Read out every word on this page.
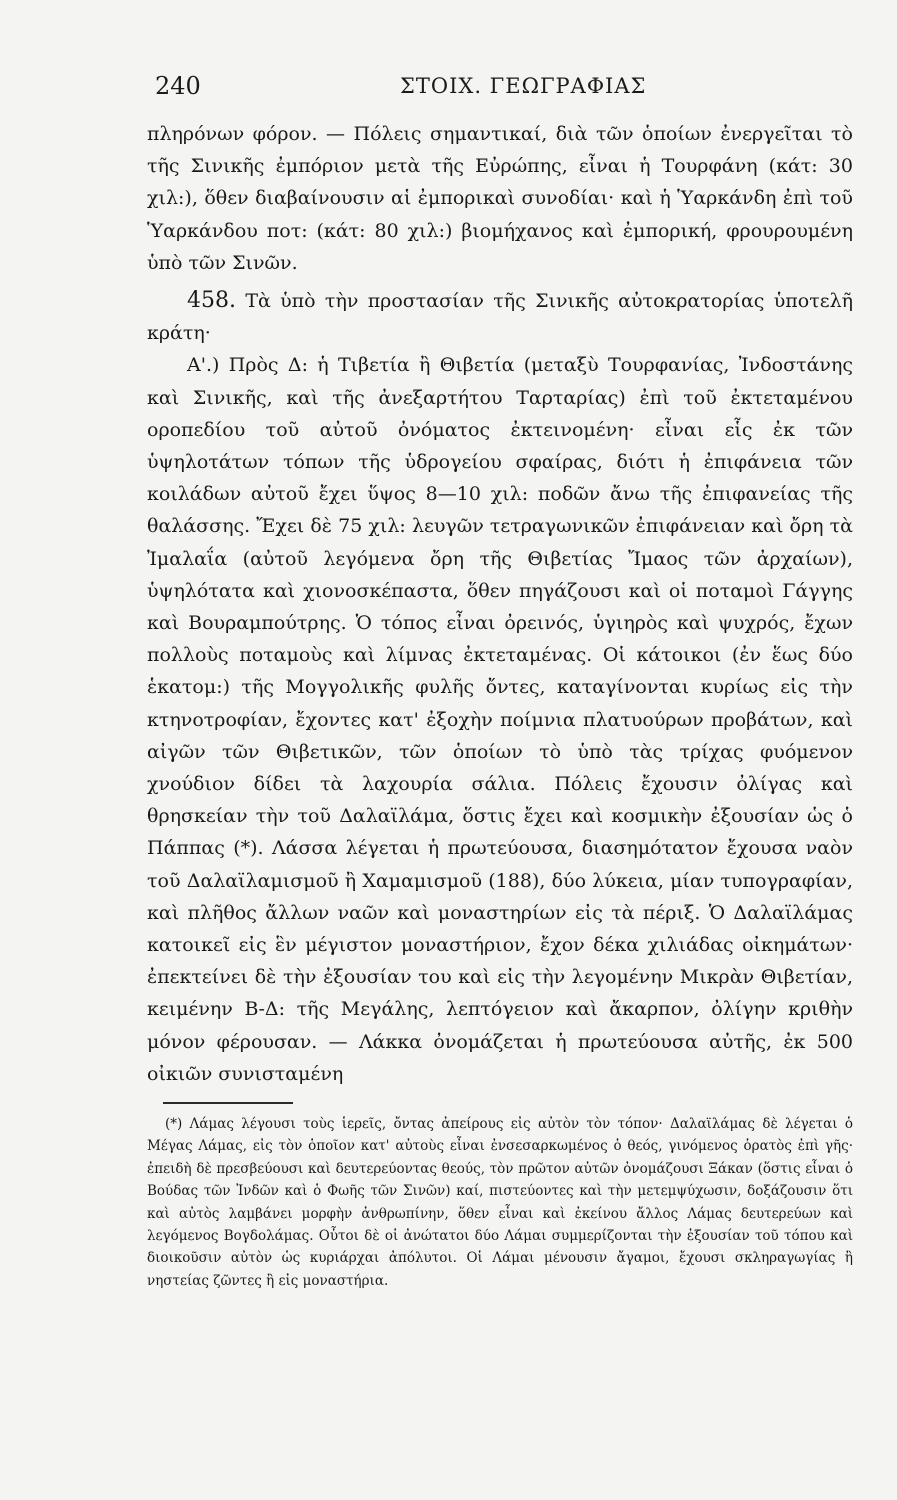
240	ΣΤΟΙΧ. ΓΕΩΓΡΑΦΙΑΣ

πληρόνων φόρον. — Πόλεις σημαντικαί, διὰ τῶν ὁποίων ἐνεργεῖται τὸ τῆς Σινικῆς ἐμπόριον μετὰ τῆς Εὐρώπης, εἶναι ἡ Τουρφάνη (κάτ: 30 χιλ:), ὅθεν διαβαίνουσιν αἱ ἐμπορικαὶ συνοδίαι· καὶ ἡ Ὑαρκάνδη ἐπὶ τοῦ Ὑαρκάνδου ποτ: (κάτ: 80 χιλ:) βιομήχανος καὶ ἐμπορική, φρουρουμένη ὑπὸ τῶν Σινῶν.

458. Τὰ ὑπὸ τὴν προστασίαν τῆς Σινικῆς αὐτοκρατορίας ὑποτελῆ κράτη·

Α'.) Πρὸς Δ: ἡ Τιβετία ἢ Θιβετία (μεταξὺ Τουρφανίας, Ἰνδοστάνης καὶ Σινικῆς, καὶ τῆς ἀνεξαρτήτου Ταρταρίας) ἐπὶ τοῦ ἐκτεταμένου οροπεδίου τοῦ αὐτοῦ ὀνόματος ἐκτεινομένη· εἶναι εἷς ἐκ τῶν ὑψηλοτάτων τόπων τῆς ὑδρογείου σφαίρας, διότι ἡ ἐπιφάνεια τῶν κοιλάδων αὐτοῦ ἔχει ὕψος 8—10 χιλ: ποδῶν ἄνω τῆς ἐπιφανείας τῆς θαλάσσης. Ἔχει δὲ 75 χιλ: λευγῶν τετραγωνικῶν ἐπιφάνειαν καὶ ὄρη τὰ Ἰμαλαΐα (αὐτοῦ λεγόμενα ὄρη τῆς Θιβετίας Ἴμαος τῶν ἀρχαίων), ὑψηλότατα καὶ χιονοσκέπαστα, ὅθεν πηγάζουσι καὶ οἱ ποταμοὶ Γάγγης καὶ Βουραμπούτρης. Ὁ τόπος εἶναι ὀρεινός, ὑγιηρὸς καὶ ψυχρός, ἔχων πολλοὺς ποταμοὺς καὶ λίμνας ἐκτεταμένας. Οἱ κάτοικοι (ἐν ἕως δύο ἑκατομ:) τῆς Μογγολικῆς φυλῆς ὄντες, καταγίνονται κυρίως εἰς τὴν κτηνοτροφίαν, ἔχοντες κατ' ἐξοχὴν ποίμνια πλατυούρων προβάτων, καὶ αἰγῶν τῶν Θιβετικῶν, τῶν ὁποίων τὸ ὑπὸ τὰς τρίχας φυόμενον χνούδιον δίδει τὰ λαχουρία σάλια. Πόλεις ἔχουσιν ὀλίγας καὶ θρησκείαν τὴν τοῦ Δαλαϊλάμα, ὅστις ἔχει καὶ κοσμικὴν ἐξουσίαν ὡς ὁ Πάππας (*). Λάσσα λέγεται ἡ πρωτεύουσα, διασημότατον ἔχουσα ναὸν τοῦ Δαλαϊλαμισμοῦ ἢ Χαμαμισμοῦ (188), δύο λύκεια, μίαν τυπογραφίαν, καὶ πλῆθος ἄλλων ναῶν καὶ μοναστηρίων εἰς τὰ πέριξ. Ὁ Δαλαϊλάμας κατοικεῖ εἰς ἓν μέγιστον μοναστήριον, ἔχον δέκα χιλιάδας οἰκημάτων· ἐπεκτείνει δὲ τὴν ἐξουσίαν του καὶ εἰς τὴν λεγομένην Μικρὰν Θιβετίαν, κειμένην Β-Δ: τῆς Μεγάλης, λεπτόγειον καὶ ἄκαρπον, ὀλίγην κριθὴν μόνον φέρουσαν. — Λάκκα ὀνομάζεται ἡ πρωτεύουσα αὐτῆς, ἐκ 500 οἰκιῶν συνισταμένη

(*) Λάμας λέγουσι τοὺς ἱερεῖς, ὄντας ἀπείρους εἰς αὐτὸν τὸν τόπον· Δαλαϊλάμας δὲ λέγεται ὁ Μέγας Λάμας, εἰς τὸν ὁποῖον κατ' αὐτοὺς εἶναι ἐνσεσαρκωμένος ὁ θεός, γινόμενος ὁρατὸς ἐπὶ γῆς· ἐπειδὴ δὲ πρεσβεύουσι καὶ δευτερεύοντας θεούς, τὸν πρῶτον αὐτῶν ὀνομάζουσι Ξάκαν (ὅστις εἶναι ὁ Βούδας τῶν Ἰνδῶν καὶ ὁ Φωῆς τῶν Σινῶν) καί, πιστεύοντες καὶ τὴν μετεμψύχωσιν, δοξάζουσιν ὅτι καὶ αὐτὸς λαμβάνει μορφὴν ἀνθρωπίνην, ὅθεν εἶναι καὶ ἐκείνου ἄλλος Λάμας δευτερεύων καὶ λεγόμενος Βογδολάμας. Οὗτοι δὲ οἱ ἀνώτατοι δύο Λάμαι συμμερίζονται τὴν ἐξουσίαν τοῦ τόπου καὶ διοικοῦσιν αὐτὸν ὡς κυριάρχαι ἀπόλυτοι. Οἱ Λάμαι μένουσιν ἄγαμοι, ἔχουσι σκληραγωγίας ἢ νηστείας ζῶντες ἢ εἰς μοναστήρια.
